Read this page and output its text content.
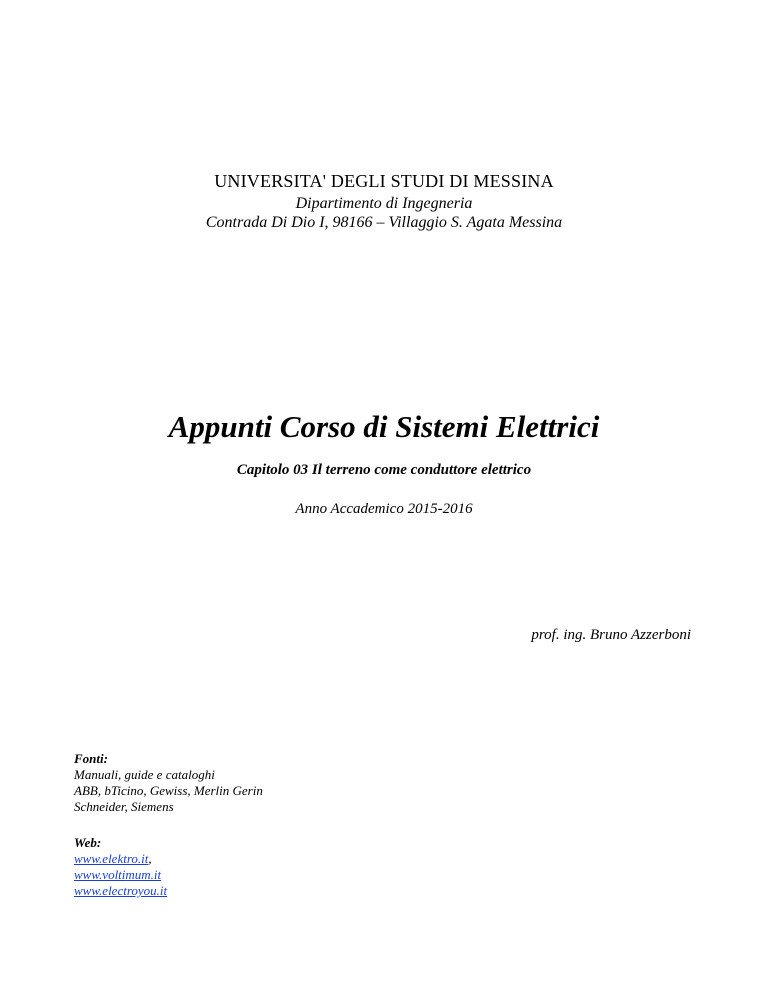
UNIVERSITA' DEGLI STUDI DI MESSINA
Dipartimento di Ingegneria
Contrada Di Dio I, 98166 – Villaggio S. Agata Messina
Appunti Corso di Sistemi Elettrici
Capitolo 03 Il terreno come conduttore elettrico
Anno Accademico 2015-2016
prof. ing. Bruno Azzerboni
Fonti:
Manuali, guide e cataloghi
ABB, bTicino, Gewiss, Merlin Gerin
Schneider, Siemens
Web:
www.elektro.it,
www.voltimum.it
www.electroyou.it
